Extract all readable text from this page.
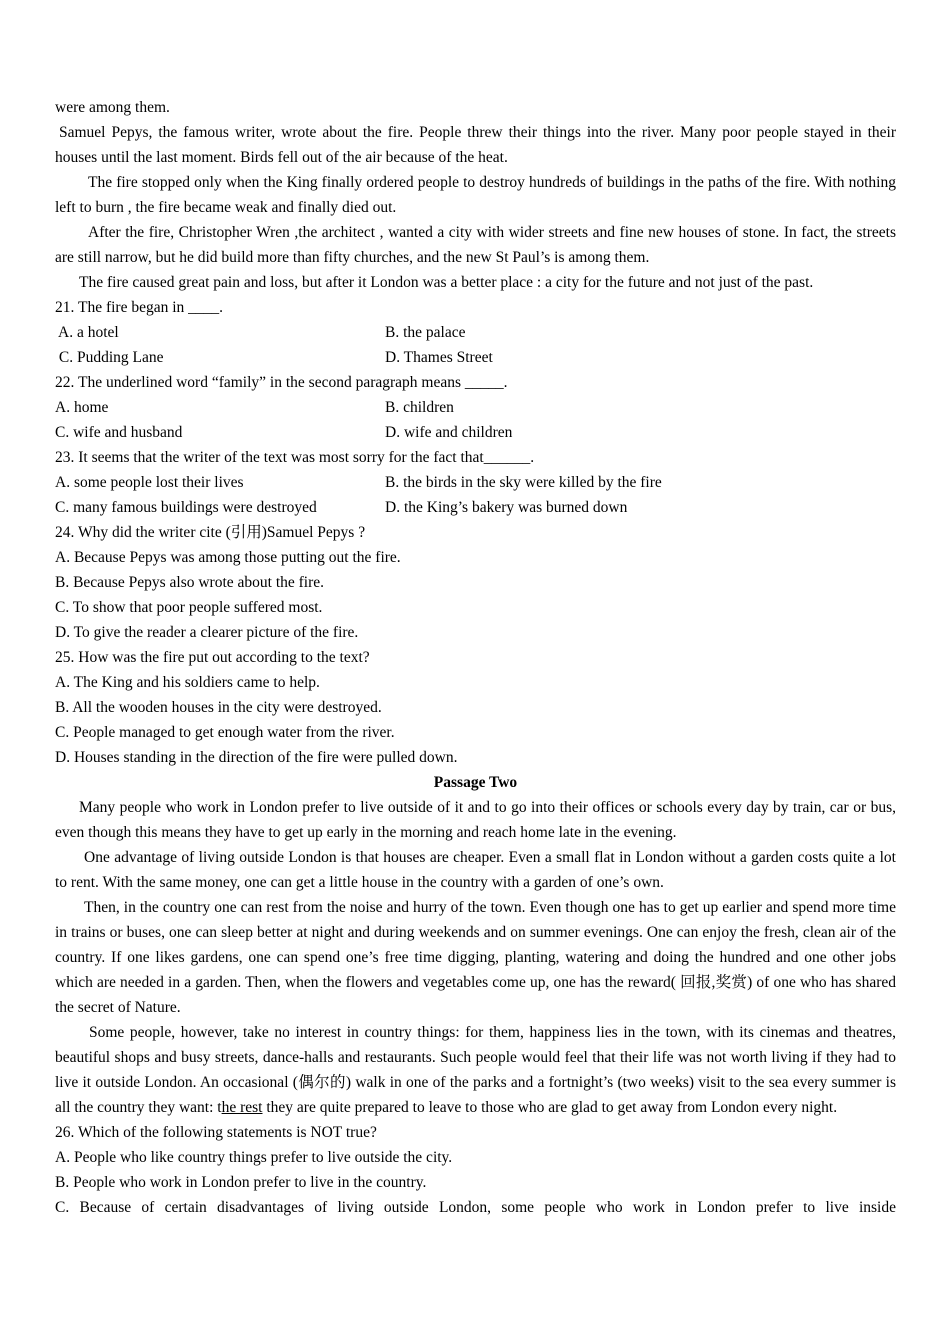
were among them.

Samuel Pepys, the famous writer, wrote about the fire. People threw their things into the river. Many poor people stayed in their houses until the last moment. Birds fell out of the air because of the heat.

The fire stopped only when the King finally ordered people to destroy hundreds of buildings in the paths of the fire. With nothing left to burn , the fire became weak and finally died out.

After the fire, Christopher Wren ,the architect , wanted a city with wider streets and fine new houses of stone. In fact, the streets are still narrow, but he did build more than fifty churches, and the new St Paul’s is among them.

The fire caused great pain and loss, but after it London was a better place : a city for the future and not just of the past.

21. The fire began in ____.

A. a hotel	B. the palace
C. Pudding Lane	D. Thames Street

22. The underlined word “family” in the second paragraph means _____.

A. home	B. children
C. wife and husband	D. wife and children

23. It seems that the writer of the text was most sorry for the fact that______.

A. some people lost their lives	B. the birds in the sky were killed by the fire
C. many famous buildings were destroyed	D. the King’s bakery was burned down

24. Why did the writer cite (引用)Samuel Pepys ?

A. Because Pepys was among those putting out the fire.

B. Because Pepys also wrote about the fire.

C. To show that poor people suffered most.

D. To give the reader a clearer picture of the fire.

25. How was the fire put out according to the text?

A. The King and his soldiers came to help.

B. All the wooden houses in the city were destroyed.

C. People managed to get enough water from the river.

D. Houses standing in the direction of the fire were pulled down.

Passage Two

Many people who work in London prefer to live outside of it and to go into their offices or schools every day by train, car or bus, even though this means they have to get up early in the morning and reach home late in the evening.

One advantage of living outside London is that houses are cheaper. Even a small flat in London without a garden costs quite a lot to rent. With the same money, one can get a little house in the country with a garden of one’s own.

Then, in the country one can rest from the noise and hurry of the town. Even though one has to get up earlier and spend more time in trains or buses, one can sleep better at night and during weekends and on summer evenings. One can enjoy the fresh, clean air of the country. If one likes gardens, one can spend one’s free time digging, planting, watering and doing the hundred and one other jobs which are needed in a garden. Then, when the flowers and vegetables come up, one has the reward( 回报,奖赏) of one who has shared the secret of Nature.

Some people, however, take no interest in country things: for them, happiness lies in the town, with its cinemas and theatres, beautiful shops and busy streets, dance-halls and restaurants. Such people would feel that their life was not worth living if they had to live it outside London. An occasional (偶尔的) walk in one of the parks and a fortnight’s (two weeks) visit to the sea every summer is all the country they want: the rest they are quite prepared to leave to those who are glad to get away from London every night.

26. Which of the following statements is NOT true?

A. People who like country things prefer to live outside the city.

B. People who work in London prefer to live in the country.

C. Because of certain disadvantages of living outside London, some people who work in London prefer to live inside
